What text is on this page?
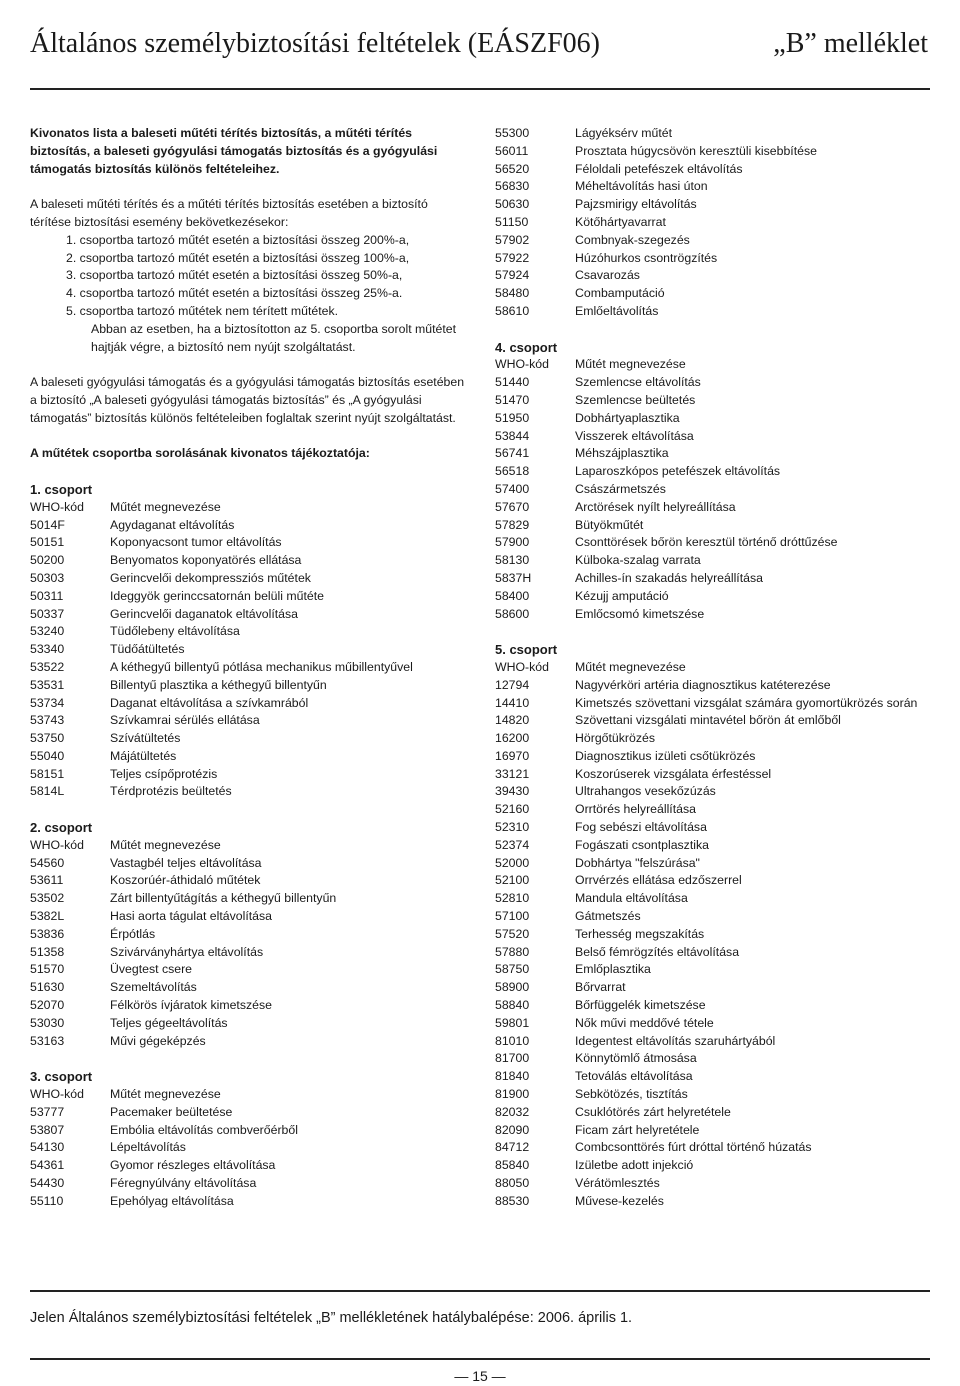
Általános személybiztosítási feltételek (EÁSZF06)	„B” melléklet

Kivonatos lista a baleseti műtéti térítés biztosítás, a műtéti térítés biztosítás, a baleseti gyógyulási támogatás biztosítás és a gyógyulási támogatás biztosítás különös feltételeihez.

A baleseti műtéti térítés és a műtéti térítés biztosítás esetében a biztosító térítése biztosítási esemény bekövetkezésekor:

1. csoportba tartozó műtét esetén a biztosítási összeg 200%-a,
2. csoportba tartozó műtét esetén a biztosítási összeg 100%-a,
3. csoportba tartozó műtét esetén a biztosítási összeg 50%-a,
4. csoportba tartozó műtét esetén a biztosítási összeg 25%-a.
5. csoportba tartozó műtétek nem térített műtétek.
Abban az esetben, ha a biztosítotton az 5. csoportba sorolt műtétet hajtják végre, a biztosító nem nyújt szolgáltatást.

A baleseti gyógyulási támogatás és a gyógyulási támogatás biztosítás esetében a biztosító „A baleseti gyógyulási támogatás biztosítás” és „A gyógyulási támogatás” biztosítás különös feltételeiben foglaltak szerint nyújt szolgáltatást.

A műtétek csoportba sorolásának kivonatos tájékoztatója:

1. csoport
WHO-kód Műtét megnevezése
5014F	Agydaganat eltávolítás
50151	Koponyacsont tumor eltávolítás
50200	Benyomatos koponyatörés ellátása
50303	Gerincvelői dekompressziós műtétek
50311	Ideggyök gerinccsatornán belüli műtéte
50337	Gerincvelői daganatok eltávolítása
53240	Tüdőlebeny eltávolítása
53340	Tüdőátültetés
53522	A kéthegyű billentyű pótlása mechanikus műbillentyűvel
53531	Billentyű plasztika a kéthegyű billentyűn
53734	Daganat eltávolítása a szívkamrából
53743	Szívkamrai sérülés ellátása
53750	Szívátültetés
55040	Májátültetés
58151	Teljes csípőprotézis
5814L	Térdprotézis beültetés
2. csoport
WHO-kód Műtét megnevezése
54560	Vastagbél teljes eltávolítása
53611	Koszorúér-áthidaló műtétek
53502	Zárt billentyűtágítás a kéthegyű billentyűn
5382L	Hasi aorta tágulat eltávolítása
53836	Érpótlás
51358	Szivárványhártya eltávolítás
51570	Üvegtest csere
51630	Szemeltávolítás
52070	Félkörös ívjáratok kimetszése
53030	Teljes gégeeltávolítás
53163	Művi gégeképzés
3. csoport
WHO-kód Műtét megnevezése
53777	Pacemaker beültetése
53807	Embólia eltávolítás combverőérből
54130	Lépeltávolítás
54361	Gyomor részleges eltávolítása
54430	Féregnyúlvány eltávolítása
55110	Epehólyag eltávolítása
55300	Lágyéksérv műtét
56011	Prosztata húgycsövön keresztüli kisebbítése
56520	Féloldali petefészek eltávolítás
56830	Méheltávolítás hasi úton
50630	Pajzsmirigy eltávolítás
51150	Kötőhártyavarrat
57902	Combnyak-szegezés
57922	Húzóhurkos csontrögzítés
57924	Csavarozás
58480	Combamputáció
58610	Emlőeltávolítás
4. csoport
WHO-kód Műtét megnevezése
51440	Szemlencse eltávolítás
51470	Szemlencse beültetés
51950	Dobhártyaplasztika
53844	Visszerek eltávolítása
56741	Méhszájplasztika
56518	Laparoszkópos petefészek eltávolítás
57400	Császármetszés
57670	Arctörések nyílt helyreállítása
57829	Bütyökműtét
57900	Csonttörések bőrön keresztül történő dróttűzése
58130	Külboka-szalag varrata
5837H	Achilles-ín szakadás helyreállítása
58400	Kézujj amputáció
58600	Emlőcsomó kimetszése
5. csoport
WHO-kód Műtét megnevezése
12794	Nagyvérköri artéria diagnosztikus katéterezése
14410	Kimetszés szövettani vizsgálat számára gyomortükrözés során
14820	Szövettani vizsgálati mintavétel bőrön át emlőből
16200	Hörgőtükrözés
16970	Diagnosztikus izületi csőtükrözés
33121	Koszorúserek vizsgálata érfestéssel
39430	Ultrahangos vesekőzúzás
52160	Orrtörés helyreállítása
52310	Fog sebészi eltávolítása
52374	Fogászati csontplasztika
52000	Dobhártya "felszúrása"
52100	Orrvérzés ellátása edzőszerrel
52810	Mandula eltávolítása
57100	Gátmetszés
57520	Terhesség megszakítás
57880	Belső fémrögzítés eltávolítása
58750	Emlőplasztika
58900	Bőrvarrat
58840	Bőrfüggelék kimetszése
59801	Nők művi meddővé tétele
81010	Idegentest eltávolítás szaruhártyából
81700	Könnytömlő átmosása
81840	Tetoválás eltávolítása
81900	Sebkötözés, tisztítás
82032	Csuklótörés zárt helyretétele
82090	Ficam zárt helyretétele
84712	Combcsonttörés fúrt dróttal történő húzatás
85840	Izületbe adott injekció
88050	Vérátömlesztés
88530	Művese-kezelés
Jelen Általános személybiztosítási feltételek „B” mellékletének hatálybalépése: 2006. április 1.
— 15 —
